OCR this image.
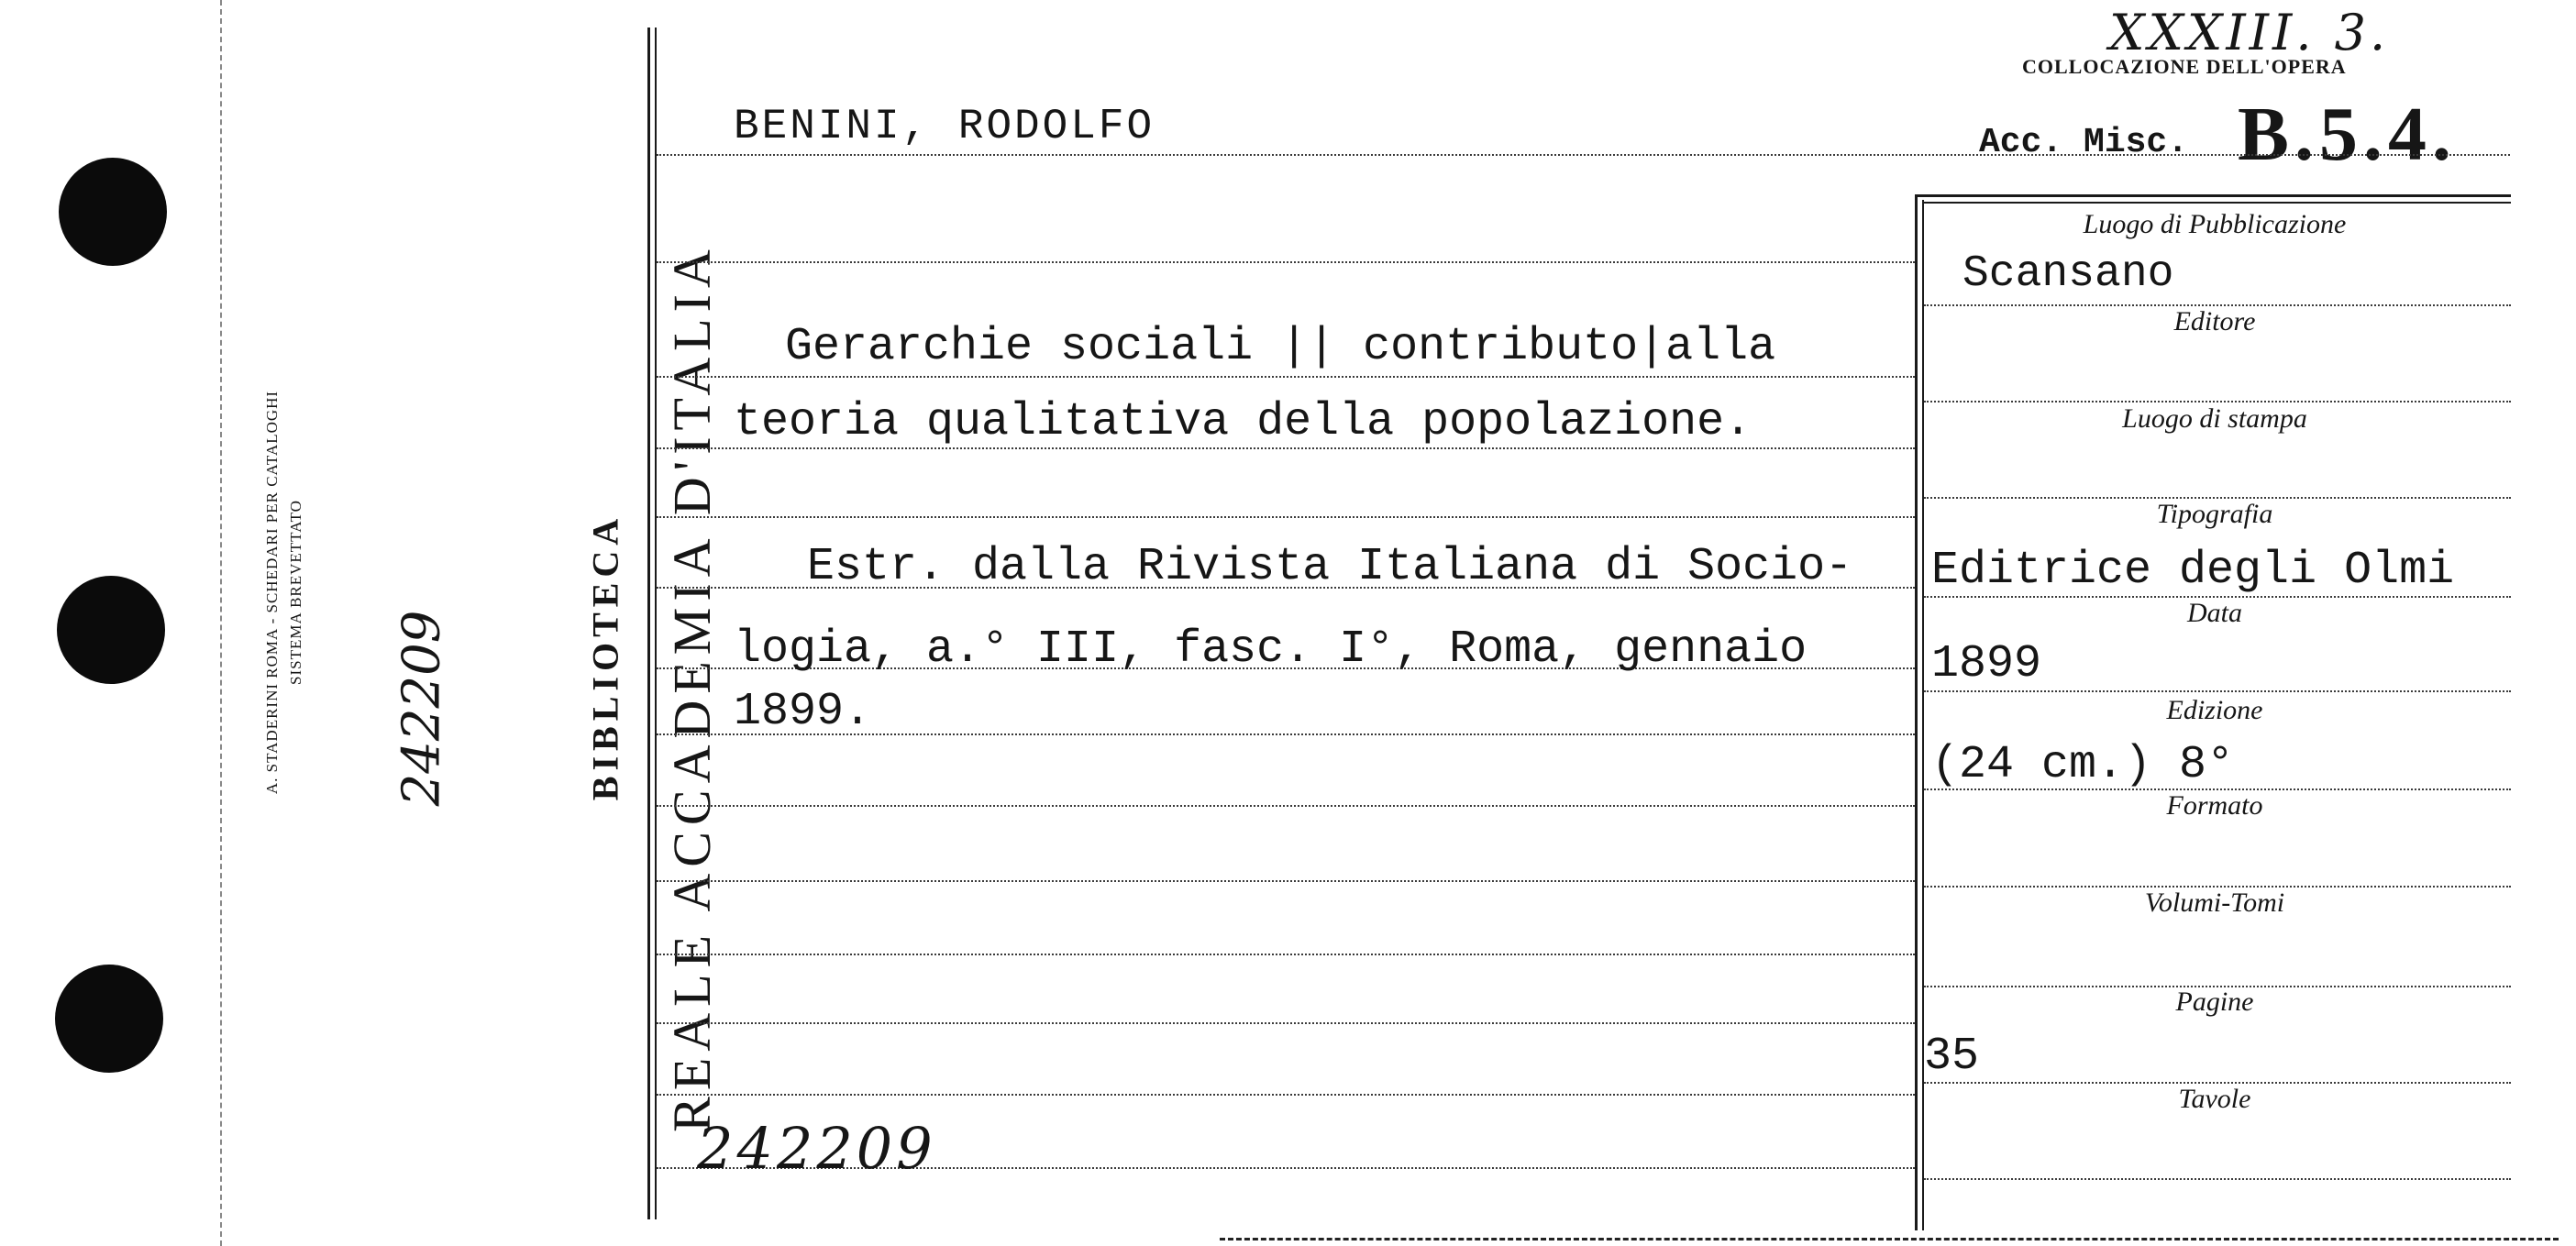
A. STADERINI ROMA - SCHEDARI PER CATALOGHI SISTEMA BREVETTATO
242209	REALE ACCADEMIA D'ITALIA
BIBLIOTECA
XXXIII. 3.
COLLOCAZIONE DELL'OPERA
Acc. Misc. B.5.4.
BENINI, RODOLFO
Gerarchie sociali || contributo|alla
teoria qualitativa della popolazione.
Estr. dalla Rivista Italiana di Socio-
logia, a.° III, fasc. I°, Roma, gennaio
1899.
242209
Luogo di Pubblicazione
Scansano
Editore
Luogo di stampa
Tipografia
Editrice degli Olmi
Data
1899
Edizione
(24 cm.) 8°
Formato
Volumi-Tomi
Pagine
35
Tavole
